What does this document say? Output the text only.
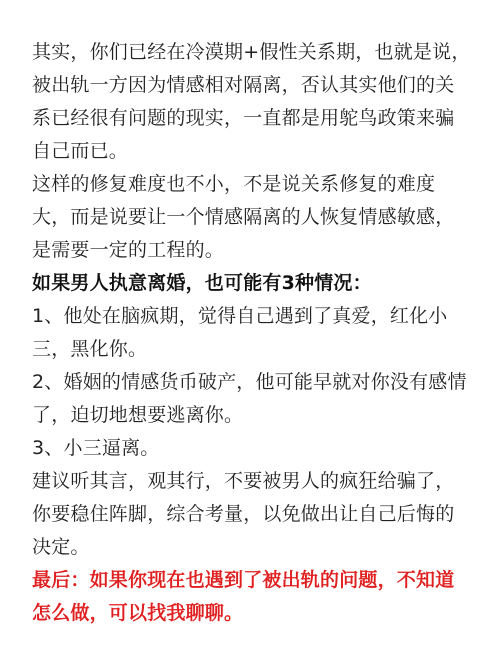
其实，你们已经在冷漠期+假性关系期，也就是说，被出轨一方因为情感相对隔离，否认其实他们的关系已经很有问题的现实，一直都是用鸵鸟政策来骗自己而已。

这样的修复难度也不小，不是说关系修复的难度大，而是说要让一个情感隔离的人恢复情感敏感，是需要一定的工程的。

如果男人执意离婚，也可能有3种情况：

1、他处在脑疯期，觉得自己遇到了真爱，红化小三，黑化你。

2、婚姻的情感货币破产，他可能早就对你没有感情了，迫切地想要逃离你。

3、小三逼离。

建议听其言，观其行，不要被男人的疯狂给骗了，你要稳住阵脚，综合考量，以免做出让自己后悔的决定。

最后：如果你现在也遇到了被出轨的问题，不知道怎么做，可以找我聊聊。
